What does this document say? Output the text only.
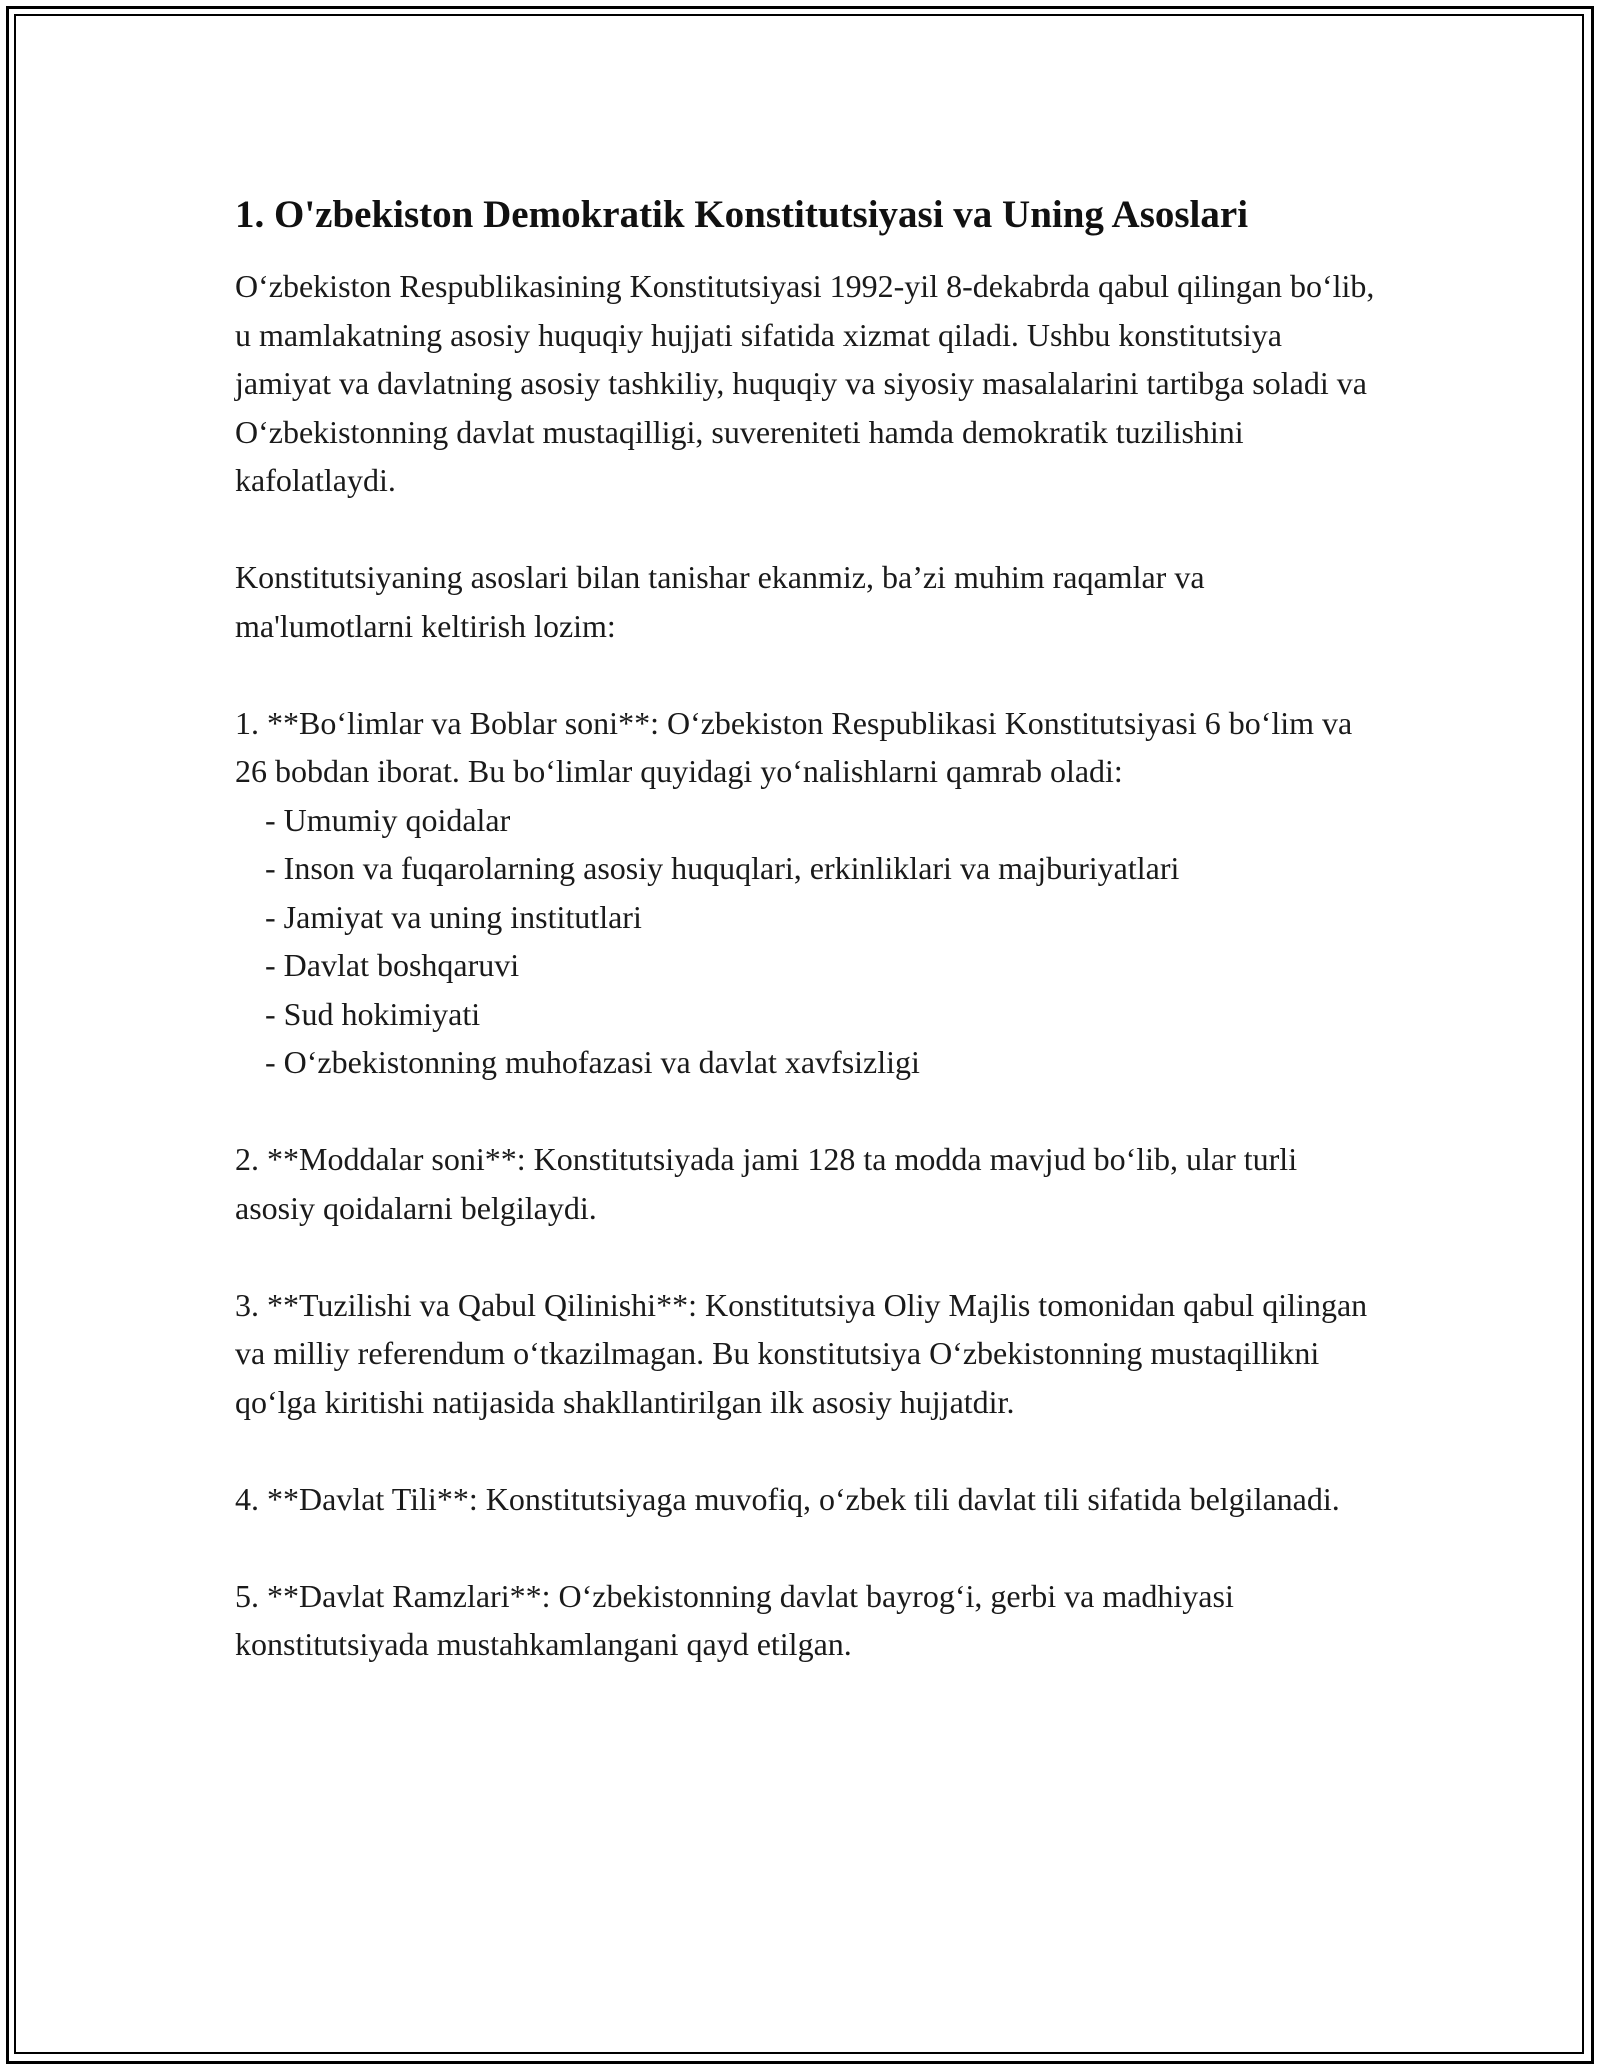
1. O'zbekiston Demokratik Konstitutsiyasi va Uning Asoslari

O‘zbekiston Respublikasining Konstitutsiyasi 1992-yil 8-dekabrda qabul qilingan bo‘lib, u mamlakatning asosiy huquqiy hujjati sifatida xizmat qiladi. Ushbu konstitutsiya jamiyat va davlatning asosiy tashkiliy, huquqiy va siyosiy masalalarini tartibga soladi va O‘zbekistonning davlat mustaqilligi, suvereniteti hamda demokratik tuzilishini kafolatlaydi.

Konstitutsiyaning asoslari bilan tanishar ekanmiz, ba’zi muhim raqamlar va ma'lumotlarni keltirish lozim:

1. **Bo‘limlar va Boblar soni**: O‘zbekiston Respublikasi Konstitutsiyasi 6 bo‘lim va 26 bobdan iborat. Bu bo‘limlar quyidagi yo‘nalishlarni qamrab oladi:

- Umumiy qoidalar
- Inson va fuqarolarning asosiy huquqlari, erkinliklari va majburiyatlari
- Jamiyat va uning institutlari
- Davlat boshqaruvi
- Sud hokimiyati
- O‘zbekistonning muhofazasi va davlat xavfsizligi

2. **Moddalar soni**: Konstitutsiyada jami 128 ta modda mavjud bo‘lib, ular turli asosiy qoidalarni belgilaydi.

3. **Tuzilishi va Qabul Qilinishi**: Konstitutsiya Oliy Majlis tomonidan qabul qilingan va milliy referendum o‘tkazilmagan. Bu konstitutsiya O‘zbekistonning mustaqillikni qo‘lga kiritishi natijasida shakllantirilgan ilk asosiy hujjatdir.

4. **Davlat Tili**: Konstitutsiyaga muvofiq, o‘zbek tili davlat tili sifatida belgilanadi.

5. **Davlat Ramzlari**: O‘zbekistonning davlat bayrog‘i, gerbi va madhiyasi konstitutsiyada mustahkamlangani qayd etilgan.
